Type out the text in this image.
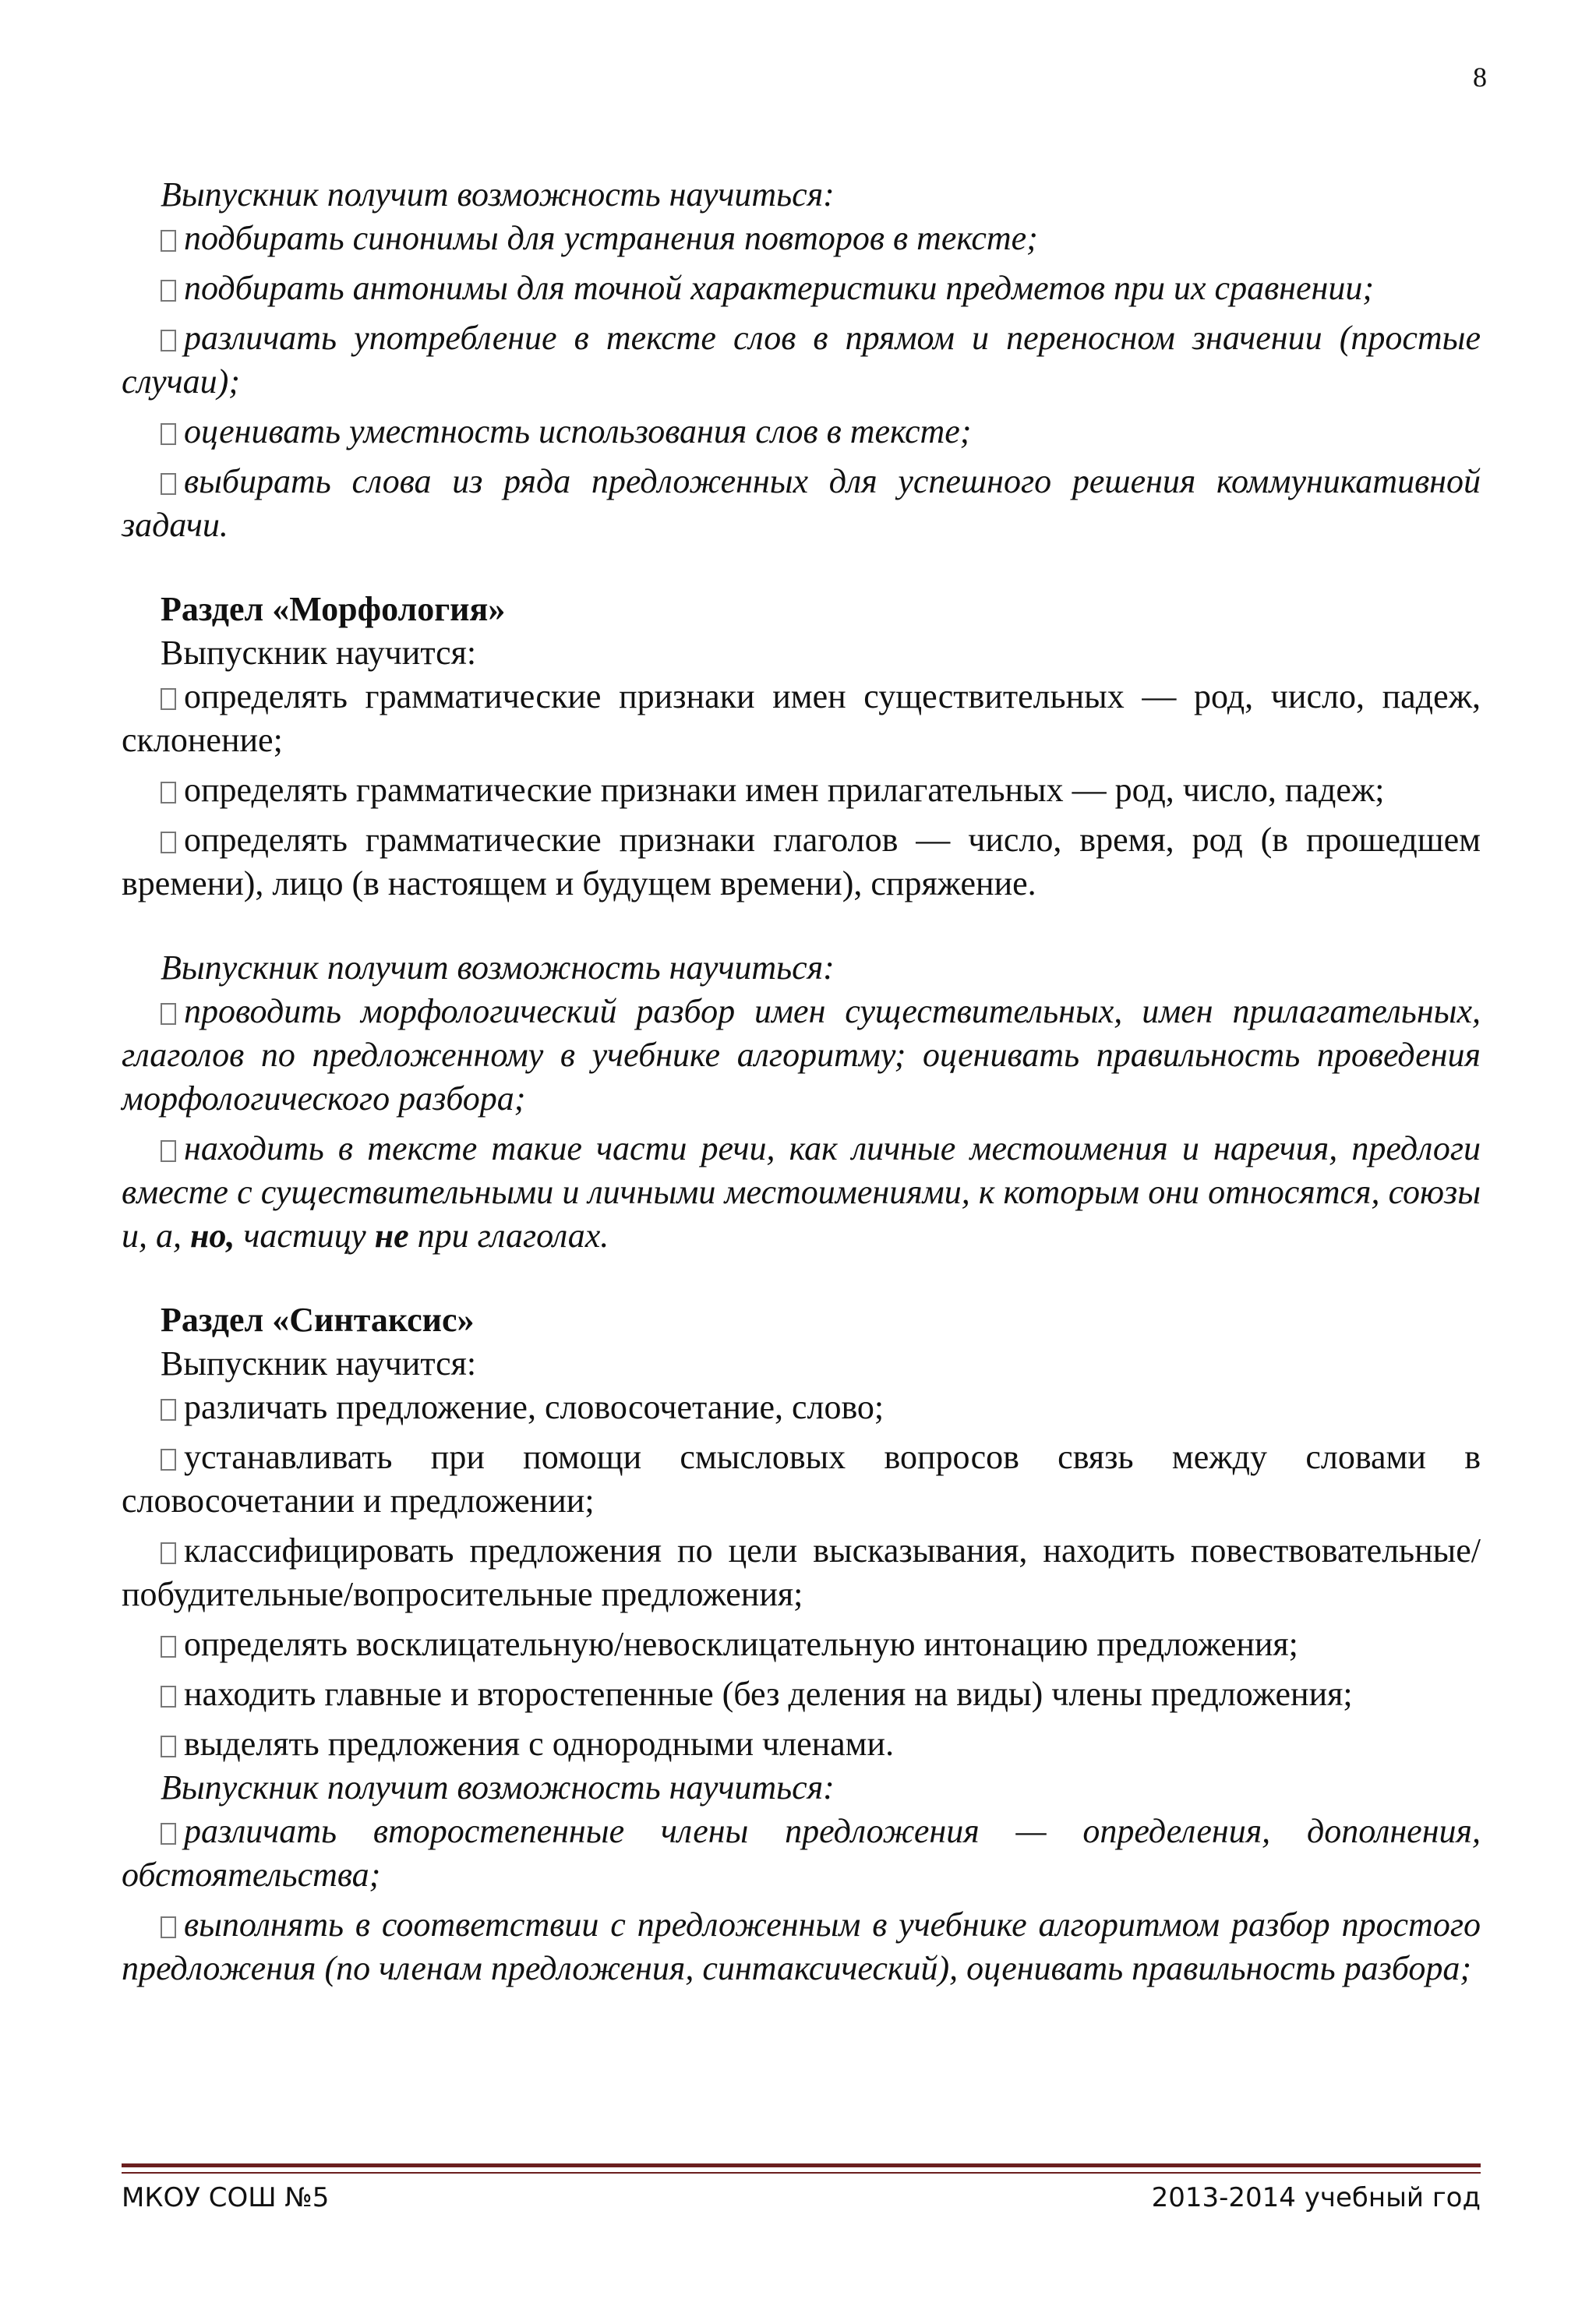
8

Выпускник получит возможность научиться:

подбирать синонимы для устранения повторов в тексте;

подбирать антонимы для точной характеристики предметов при их сравнении;

различать употребление в тексте слов в прямом и переносном значении (простые случаи);

оценивать уместность использования слов в тексте;

выбирать слова из ряда предложенных для успешного решения коммуникативной задачи.

Раздел «Морфология»

Выпускник научится:

определять грамматические признаки имен существительных — род, число, падеж, склонение;

определять грамматические признаки имен прилагательных — род, число, падеж;

определять грамматические признаки глаголов — число, время, род (в прошедшем времени), лицо (в настоящем и будущем времени), спряжение.

Выпускник получит возможность научиться:

проводить морфологический разбор имен существительных, имен прилагательных, глаголов по предложенному в учебнике алгоритму; оценивать правильность проведения морфологического разбора;

находить в тексте такие части речи, как личные местоимения и наречия, предлоги вместе с существительными и личными местоимениями, к которым они относятся, союзы и, а, но, частицу не при глаголах.

Раздел «Синтаксис»

Выпускник научится:

различать предложение, словосочетание, слово;

устанавливать при помощи смысловых вопросов связь между словами в словосочетании и предложении;

классифицировать предложения по цели высказывания, находить повествовательные/побудительные/вопросительные предложения;

определять восклицательную/невосклицательную интонацию предложения;

находить главные и второстепенные (без деления на виды) члены предложения;

выделять предложения с однородными членами.

Выпускник получит возможность научиться:

различать второстепенные члены предложения — определения, дополнения, обстоятельства;

выполнять в соответствии с предложенным в учебнике алгоритмом разбор простого предложения (по членам предложения, синтаксический), оценивать правильность разбора;

МКОУ СОШ №5	2013-2014 учебный год
